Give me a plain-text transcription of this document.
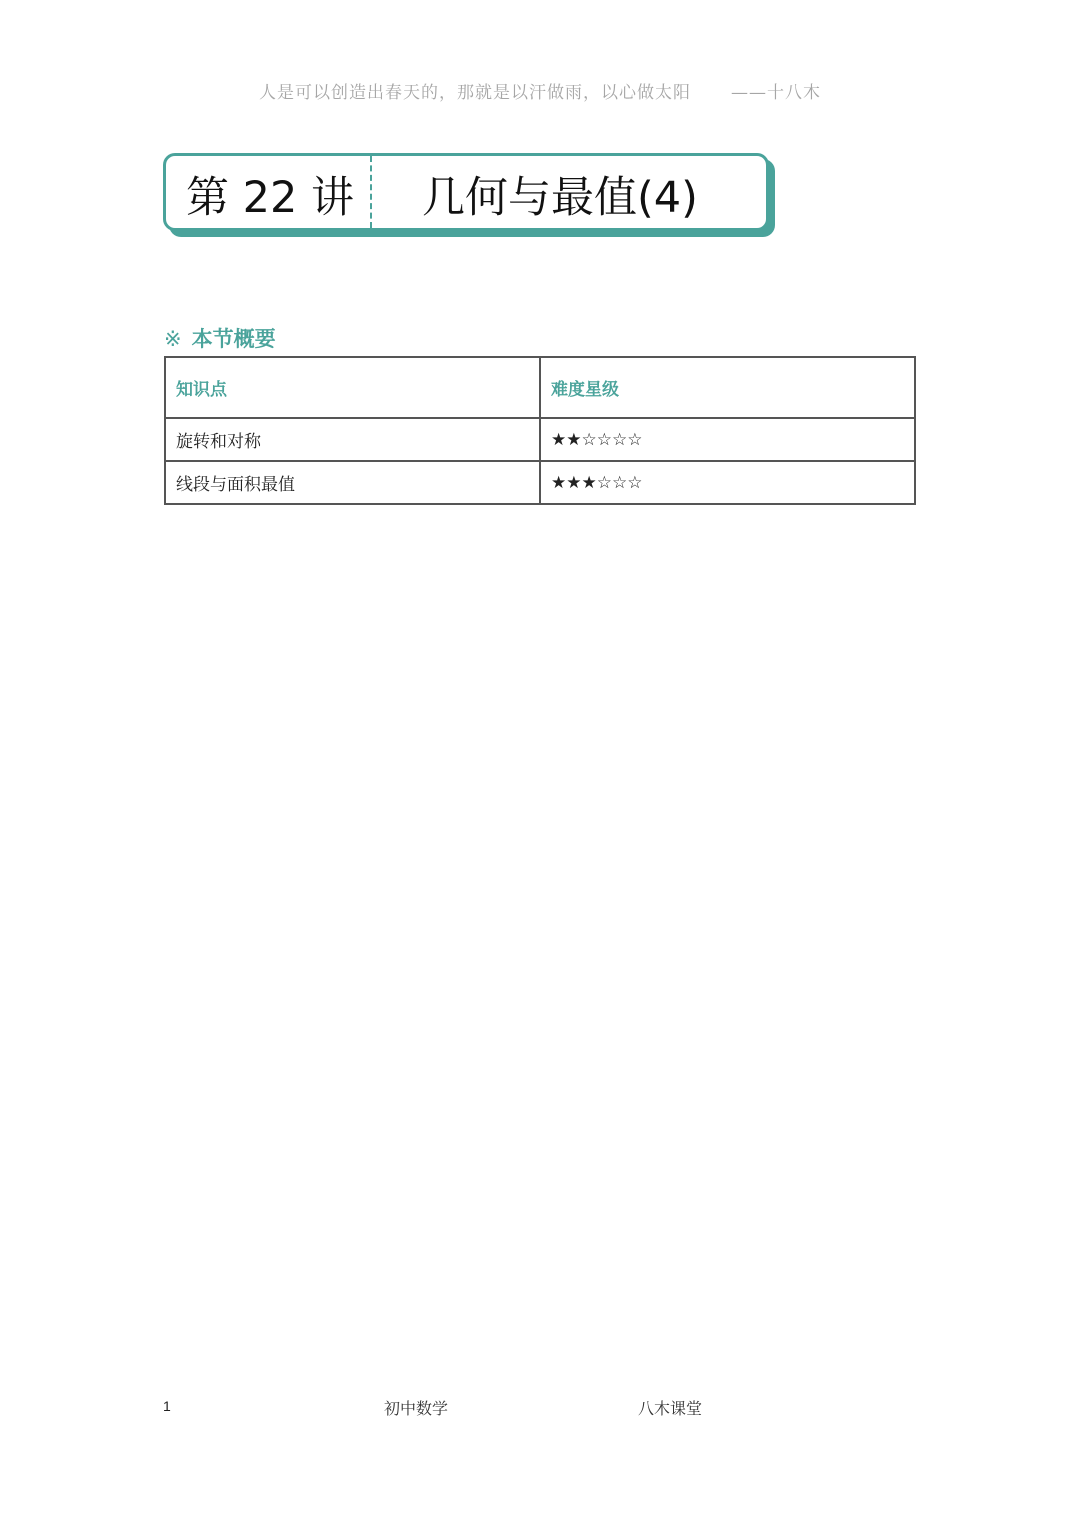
人是可以创造出春天的，那就是以汗做雨，以心做太阳 ——十八木
第 22 讲 几何与最值(4)
※ 本节概要
知识点	难度星级
旋转和对称	★★☆☆☆☆
线段与面积最值	★★★☆☆☆
1	初中数学	八木课堂
